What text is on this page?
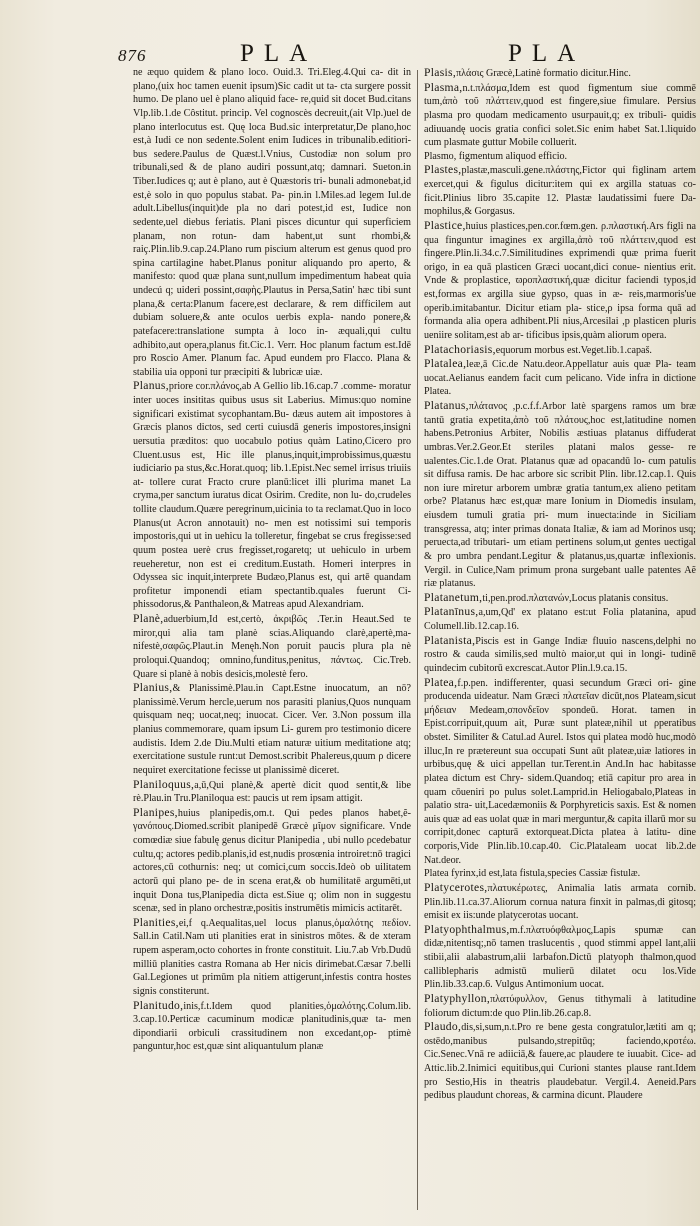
876	PLA	PLA

ne æquo quidem & plano loco. Ouid.3. Tri.Eleg.4.Qui ca- dit in plano,(uix hoc tamen euenit ipsum)Sic cadit ut ta- cta surgere possit humo. De plano uel è plano aliquid face- re,quid sit docet Bud.citans Vlp.lib.1.de Côstitut. princip. Vel cognoscès decreuit,(ait Vlp.)uel de plano interlocutus est. Quę loca Bud.sic interpretatur,De plano,hoc est,à Iudi ce non sedente.Solent enim Iudices in tribunalib.editiori- bus sedere.Paulus de Quæst.l.Vnius, Custodiæ non solum pro tribunali,sed & de plano audiri possunt,atq; damnari. Sueton.in Tiber.Iudices q; aut è plano, aut è Quæstoris tri- bunali admonebat,id est,è solo in quo populus stabat. Pa- pin.in l.Miles.ad legem Iul.de adult.Libellus(inquit)de pla no dari potest,id est, Iudice non sedente,uel diebus feriatis. Plani pisces dicuntur qui superficiem planam, non rotun- dam habent,ut sunt rhombi,& raiç.Plin.lib.9.cap.24.Plano rum piscium alterum est genus quod pro spina cartilagine habet.Planus ponitur aliquando pro aperto, & manifesto: quod quæ plana sunt,nullum impedimentum habeat quia undecú q; uideri possint,σαφὴς.Plautus in Persa,Satin' hæc tibi sunt plana,& certa:Planum facere,est declarare, & rem difficilem aut dubiam soluere,& ante oculos uerbis expla- nando ponere,& patefacere:translatione sumpta à loco in- æquali,qui cultu adhibito,aut opera,planus fit.Cic.1. Verr. Hoc planum factum est.Idē pro Roscio Amer. Planum fac. Apud eundem pro Flacco. Plana & stabilia uia opponi tur præcipiti & lubricæ uiæ.

Planus,priore cor.πλάνος,ab A Gellio lib.16.cap.7 .comme- moratur inter uoces insititas quibus usus sit Laberius. Mimus:quo nomine significari existimat sycophantam.Bu- dæus autem ait impostores à Græcis planos dictos, sed certi cuiusdā generis impostores,insigni uersutia præditos: quo uocabulo potius quàm Latino,Cicero pro Cluent.usus est, Hic ille planus,inquit,improbissimus,quæstu iudiciario pa stus,&c.Horat.quoq; lib.1.Epist.Nec semel irrisus triuiis at- tollere curat Fracto crure planū:licet illi plurima manet La cryma,per sanctum iuratus dicat Osirim. Credite, non lu- do,crudeles tollite claudum.Quære peregrinum,uicinia to ta reclamat.Quo in loco Planus(ut Acron annotauit) no- men est notissimi sui temporis impostoris,qui ut in uehicu la tolleretur, fingebat se crus fregisse:sed quum postea uerè crus fregisset,rogaretq; ut uehiculo in urbem reueheretur, non est ei creditum.Eustath. Homeri interpres in Odyssea sic inquit,interprete Budæo,Planus est, qui artē quandam profitetur imponendi etiam spectantib.quales fuerunt Ci- phissodorus,& Panthaleon,& Matreas apud Alexandriam.

Planè,aduerbium,Id est,certò, ἀκριβῶς .Ter.in Heaut.Sed te miror,qui alia tam planè scias.Aliquando clarè,apertè,ma- nifestè,σαφῶς.Plaut.in Menęh.Non poruit paucis plura pla nè proloqui.Quandoq; omnino,funditus,penitus, πάντως. Cic.Treb. Quare si planè à nobis desicis,molestè fero.

Planius,& Planissimè.Plau.in Capt.Estne inuocatum, an nō? planissimè.Verum hercle,uerum nos parasiti planius,Quos nunquam quisquam neq; uocat,neq; inuocat. Cicer. Ver. 3.Non possum illa planius commemorare, quam ipsum Li- gurem pro testimonio dicere audistis. Idem 2.de Diu.Multi etiam naturæ uitium meditatione atq; exercitatione sustule runt:ut Demost.scribit Phalereus,quum ρ dicere nequiret exercitatione fecisse ut planissimè diceret.

Planiloquus,a,ū,Qui planè,& apertè dicit quod sentit,& libe rè.Plau.in Tru.Planiloqua est: paucis ut rem ipsam attigit.

Planipes,huius planipedis,om.t. Qui pedes planos habet,ẽ- γανόπους.Diomed.scribit planipedē Græcè μῖμον significare. Vnde comœdiæ siue fabulę genus dicitur Planipedia , ubi nullo ρcedebatur cultu,q; actores pedib.planis,id est,nudis prosœnia introiret:nō tragici actores,cū cothurnis: neq; ut comici,cum soccis.Ideò ob uilitatem actorū qui plano pe- de in scena erat,& ob humilitatē argumēti,ut inquit Dona tus,Planipedia dicta est.Siue q; olim non in suggestu scenæ, sed in plano orchestræ,positis instrumētis mimicis actitarēt.

Planities,ei,f q.Aequalitas,uel locus planus,ὁμαλότης πεδίον. Sall.in Catil.Nam uti planities erat in sinistros mōtes. & de xteram rupem asperam,octo cohortes in fronte constituit. Liu.7.ab Vrb.Dudū milliū planities castra Romana ab Her nicis dirimebat.Cæsar 7.belli Gal.Legiones ut primūm pla nitiem attigerunt,infestis contra hostes signis constiterunt.

Planitudo,inis,f.t.Idem quod planities,ὁμαλότης.Colum.lib. 3.cap.10.Perticæ cacuminum modicæ planitudinis,quæ ta- men dipondiarii orbiculi crassitudinem non excedant,op- ptimè panguntur,hoc est,quæ sint aliquantulum planæ

Plasis,πλάσις Græcè,Latinè formatio dicitur.Hinc.

Plasma,n.t.πλάσμα,Idem est quod figmentum siue commē tum,ἀπὸ τοῦ πλάττειν,quod est fingere,siue fimulare. Persius plasma pro quodam medicamento usurpauit,q; ex tribuli- quidis adiuuandę uocis gratia confici solet.Sic enim habet Sat.1.liquido cum plasmate guttur Mobile colluerit.

Plasmo, figmentum aliquod efficio.

Plastes,plastæ,masculi.gene.πλάστης,Fictor qui figlinam artem exercet,qui & figulus dicitur:item qui ex argilla statuas co- ficit.Plinius libro 35.capite 12. Plastæ laudatissimi fuere Da- mophilus,& Gorgasus.

Plastice,huius plastices,pen.cor.fœm.gen. ρ.πλαστική.Ars figli na qua finguntur imagines ex argilla,ἀπὸ τοῦ πλάττειν,quod est fingere.Plin.li.34.c.7.Similitudines exprimendi quæ prima fuerit origo, in ea quā plasticen Græci uocant,dici conue- nientius erit. Vnde & proplastice, ϖροπλαστική,quæ dicitur faciendi typos,id est,formas ex argilla siue gypso, quas in æ- reis,marmoris'ue operib.imitabantur. Dicitur etiam pla- stice,ρ ipsa forma quā ad formanda alia opera adhibent.Pli nius,Arcesilai ,p plasticen pluris ueniire solitam,est ab ar- tificibus ipsis,quàm aliorum opera.

Platachoriasis,equorum morbus est.Veget.lib.1.capaš.

Platalea,leæ,ā Cic.de Natu.deor.Appellatur auis quæ Pla- team uocat.Aelianus eandem facit cum pelicano. Vide infra in dictione Platea.

Platanus,πλάτανος ,p.c.f.f.Arbor latè spargens ramos um bræ tantū gratia expetita,ἀπὸ τοῦ πλάτους,hoc est,latitudine nomen habens.Petronius Arbiter, Nobilis æstiuas platanus diffuderat umbras.Ver.2.Geor.Et steriles platani malos gesse- re ualentes.Cic.1.de Orat. Platanus quæ ad opacandū lo- cum patulis sit diffusa ramis. De hac arbore sic scribit Plin. libr.12.cap.1. Quis non iure miretur arborem umbræ gratia tantum,ex alieno petitam orbe? Platanus hæc est,quæ mare Ionium in Diomedis insulam, eiusdem tumuli gratia pri- mum inuecta:inde in Siciliam transgressa, atq; inter primas donata Italiæ, & iam ad Morinos usq; peruecta,ad tributari- um etiam pertinens solum,ut gentes uectigal & pro umbra pendant.Legitur & platanus,us,quartæ inflexionis. Vergil. in Culice,Nam primum prona surgebant ualle patentes Aẽ riæ platanus.

Platanetum,ti,pen.prod.πλατανών,Locus platanis consitus.

Platanīnus,a,um,Qd' ex platano est:ut Folia platanina, apud Columell.lib.12.cap.16.

Platanista,Piscis est in Gange Indiæ fluuio nascens,delphi no rostro & cauda similis,sed multò maior,ut qui in longi- tudinē quindecim cubitorū excrescat.Autor Plin.l.9.ca.15.

Platea,f.p.pen. indifferenter, quasi secundum Græci ori- gine producenda uideatur. Nam Græci πλατεῖαν dicūt,nos Plateam,sicut μήδειαν Medeam,σπονδεῖον spondeū. Horat. tamen in Epist.corripuit,quum ait, Puræ sunt plateæ,nihil ut ρperatibus obstet. Similiter & Catul.ad Aurel. Istos qui platea modò huc,modò illuc,In re prætereunt sua occupati Sunt aūt plateæ,uiæ latiores in urbibus,quę & uici appellan tur.Terent.in And.In hac habitasse platea dictum est Chry- sidem.Quandoq; etiā capitur pro area in quam cōueniri po pulus solet.Lamprid.in Heliogabalo,Plateas in palatio stra- uit,Lacedæmoniis & Porphyreticis saxis. Est & nomen auis quæ ad eas uolat quæ in mari merguntur,& capita illarū mor su corripit,donec capturā extorqueat.Dicta platea à latitu- dine corporis,Vide Plin.lib.10.cap.40. Cic.Plataleam uocat lib.2.de Nat.deor.

Platea fyrinx,id est,lata fistula,species Cassiæ fistulæ.

Platycerotes,πλατυκέρωτες, Animalia latis armata cornib. Plin.lib.11.ca.37.Aliorum cornua natura finxit in palmas,di gitosq; emisit ex iis:unde platycerotas uocant.

Platyophthalmus,m.f.πλατυόφθαλμος,Lapis spumæ can didæ,nitentisq;,nō tamen traslucentis , quod stimmi appel lant,alii stibii,alii alabastrum,alii larbafon.Dictū platyoph thalmon,quod calliblepharis admistū mulierū dilatet ocu los.Vide Plin.lib.33.cap.6. Vulgus Antimonium uocat.

Platyphyllon,πλατύφυλλον, Genus tithymali à latitudine foliorum dictum:de quo Plin.lib.26.cap.8.

Plaudo,dis,si,sum,n.t.Pro re bene gesta congratulor,lætiti am q; ostēdo,manibus pulsando,strepitūq; faciendo,κροτέω. Cic.Senec.Vnā re adiiciā,& fauere,ac plaudere te iuuabit. Cice- ad Attic.lib.2.Inimici equitibus,qui Curioni stantes plause rant.Idem pro Sestio,His in theatris plaudebatur. Vergil.4. Aeneid.Pars pedibus plaudunt choreas, & carmina dicunt. Plaudere
